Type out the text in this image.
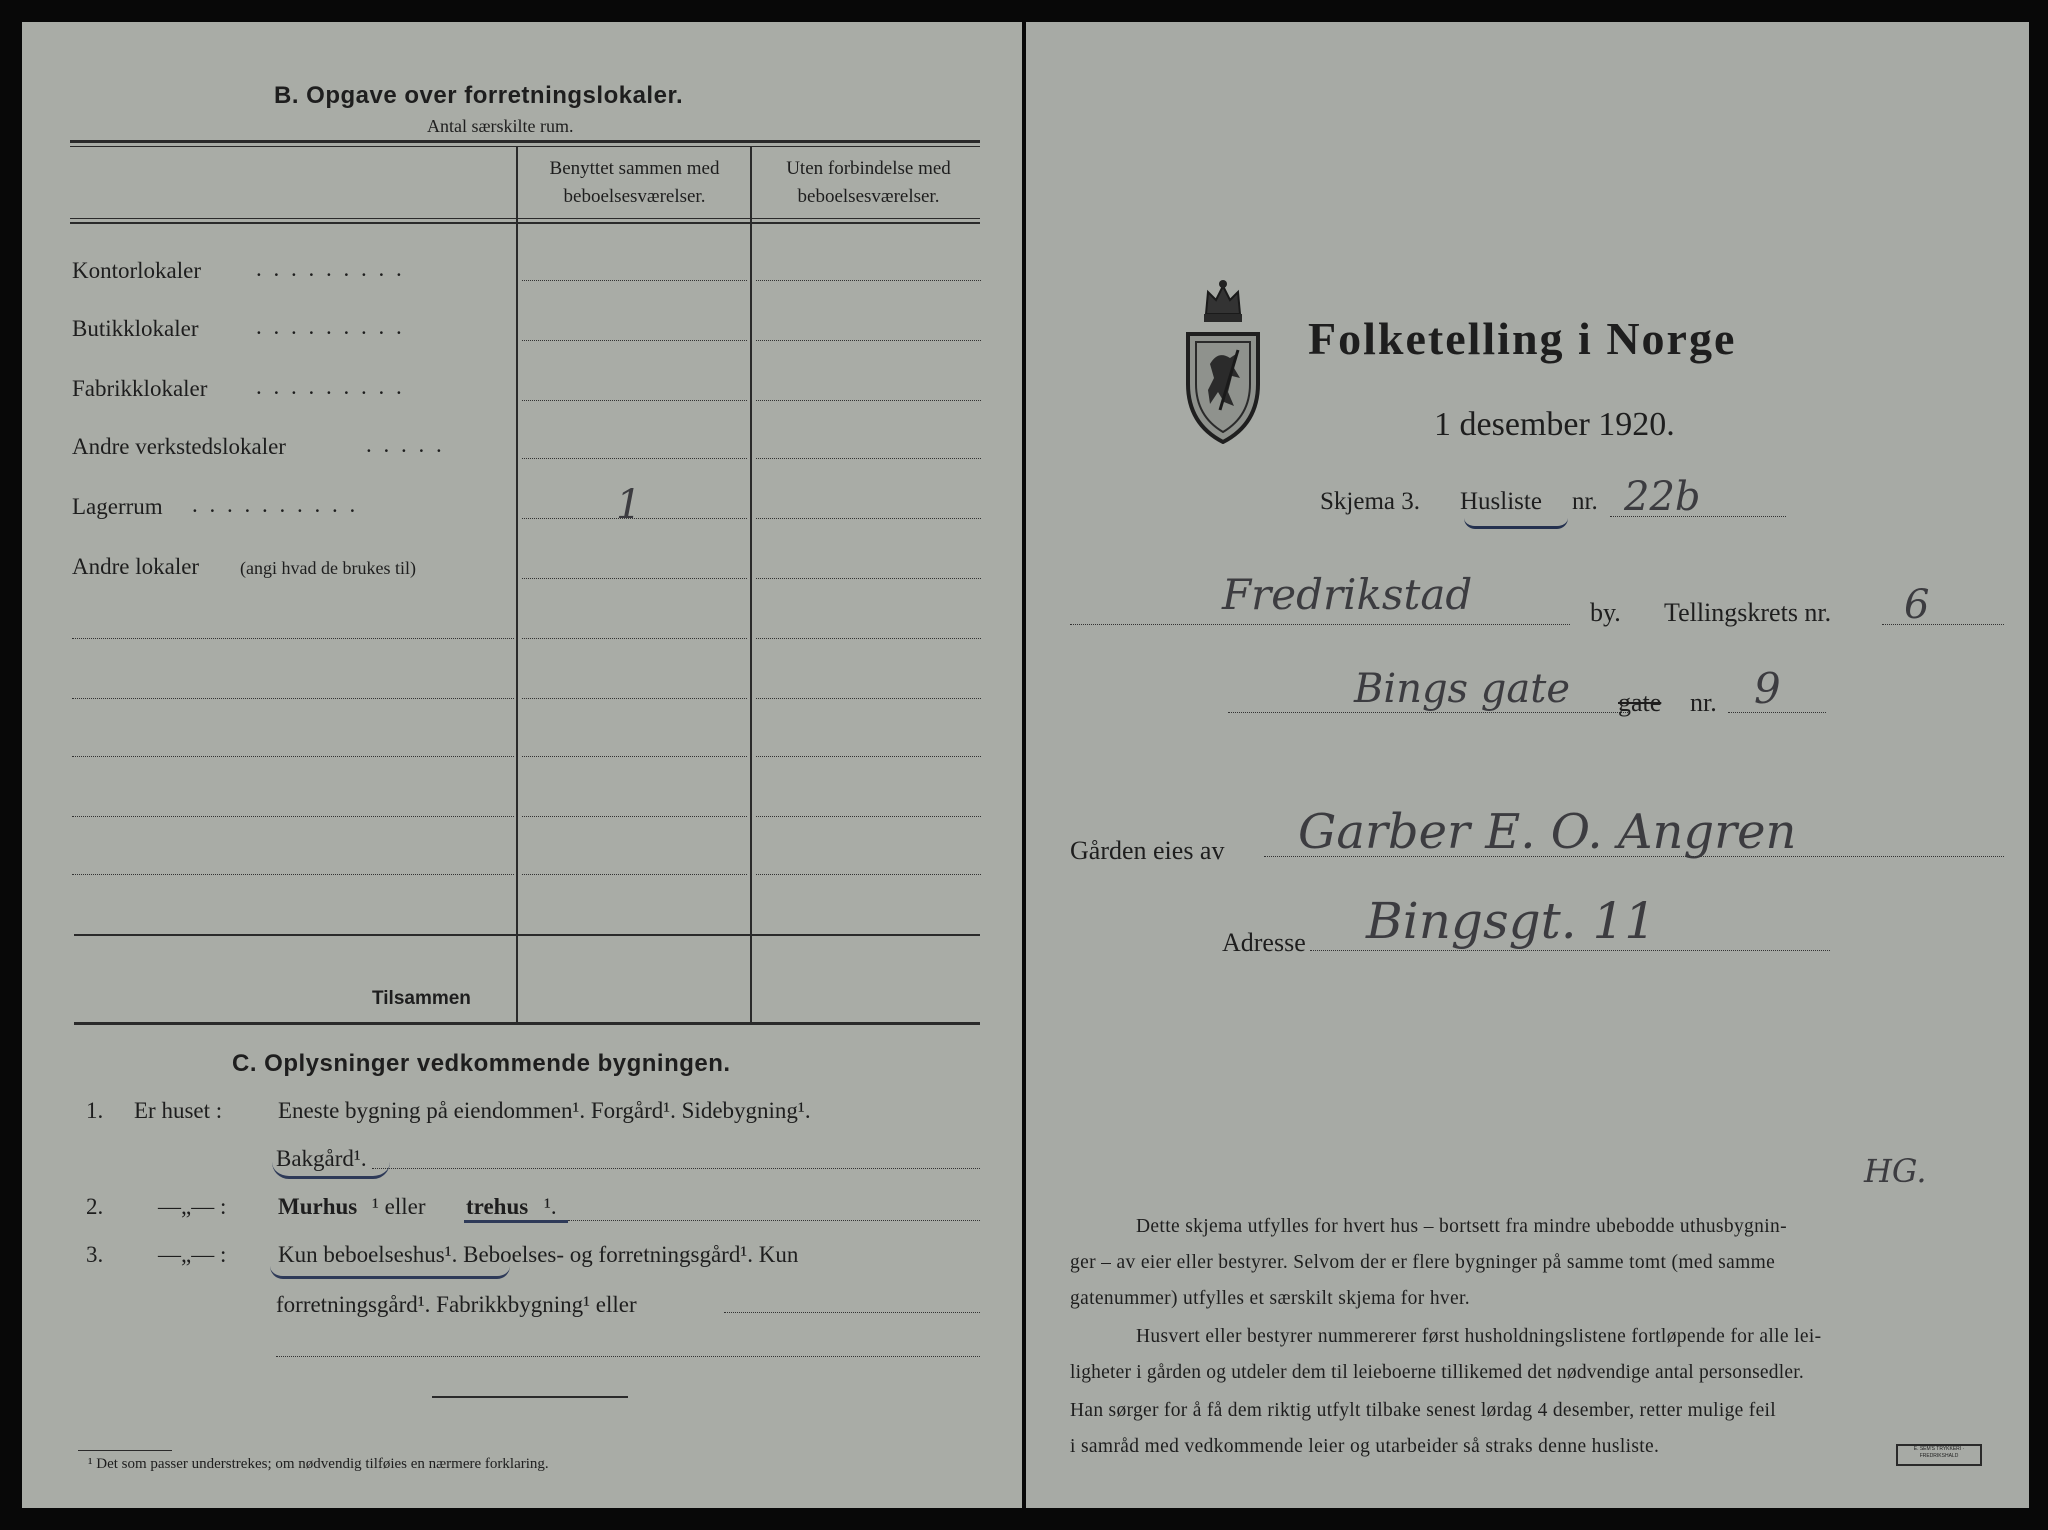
B. Opgave over forretningslokaler.
Antal særskilte rum.
Benyttet sammen med
beboelsesværelser.
Uten forbindelse med
beboelsesværelser.
Kontorlokaler . . . . . . . . .
Butikklokaler	. . . . . . . . .
Fabrikklokaler . . . . . . . . .
Andre verkstedslokaler	. . . . .
Lagerrum . . . . . . . . . .	1
Andre lokaler (angi hvad de brukes til)
Tilsammen
C. Oplysninger vedkommende bygningen.
1. Er huset : Eneste bygning på eiendommen¹. Forgård¹. Sidebygning¹.
Bakgård¹.
2. —„— : Murhus ¹ eller trehus ¹.
3. —„— : Kun beboelseshus¹. Beboelses- og forretningsgård¹. Kun
forretningsgård¹. Fabrikkbygning¹ eller
¹ Det som passer understrekes; om nødvendig tilføies en nærmere forklaring.
Folketelling i Norge
1 desember 1920.
Skjema 3. Husliste nr. 22b
Fredrikstad	by. Tellingskrets nr. 6
Bings gate gate nr. 9
Gården eies av Garber E. O. Angren
Adresse Bingsgt. 11
HG.
Dette skjema utfylles for hvert hus – bortsett fra mindre ubebodde uthusbygnin-
ger – av eier eller bestyrer. Selvom der er flere bygninger på samme tomt (med samme
gatenummer) utfylles et særskilt skjema for hver.
Husvert eller bestyrer nummererer først husholdningslistene fortløpende for alle lei-
ligheter i gården og utdeler dem til leieboerne tillikemed det nødvendige antal personsedler.
Han sørger for å få dem riktig utfylt tilbake senest lørdag 4 desember, retter mulige feil
i samråd med vedkommende leier og utarbeider så straks denne husliste.	E. SEM'S TRYKKERI · FREDRIKSHALD
